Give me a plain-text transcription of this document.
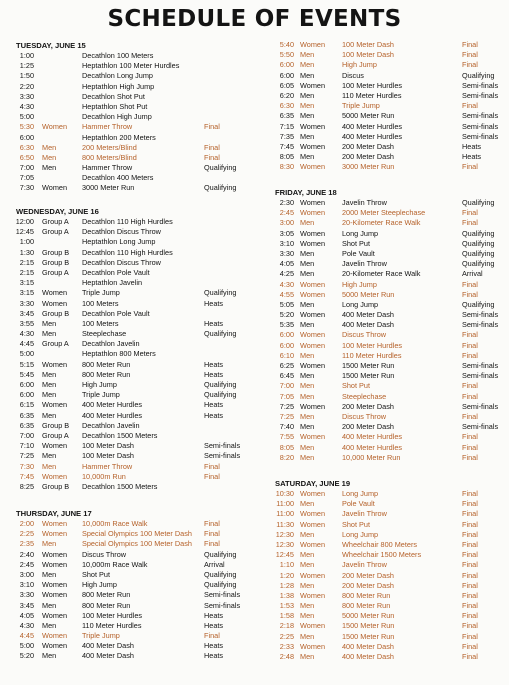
SCHEDULE OF EVENTS
TUESDAY, JUNE 15
1:00	Decathlon 100 Meters
1:25	Heptathlon 100 Meter Hurdles
1:50	Decathlon Long Jump
2:20	Heptathlon High Jump
3:30	Decathlon Shot Put
4:30	Heptathlon Shot Put
5:00	Decathlon High Jump
5:30 Women Hammer Throw	Final
6:00	Heptathlon 200 Meters
6:30 Men	200 Meters/Blind	Final
6:50 Men	800 Meters/Blind	Final
7:00 Men	Hammer Throw	Qualifying
7:05	Decathlon 400 Meters
7:30 Women 3000 Meter Run	Qualifying
WEDNESDAY, JUNE 16
12:00 Group A Decathlon 110 High Hurdles
12:45 Group A Decathlon Discus Throw
1:00	Heptathlon Long Jump
1:30 Group B Decathlon 110 High Hurdles
2:15 Group B Decathlon Discus Throw
2:15 Group A Decathlon Pole Vault
3:15	Heptathlon Javelin
3:15 Women Triple Jump	Qualifying
3:30 Women 100 Meters	Heats
3:45 Group B Decathlon Pole Vault
3:55 Men	100 Meters	Heats
4:30 Men	Steeplechase	Qualifying
4:45 Group A Decathlon Javelin
5:00	Heptathlon 800 Meters
5:15 Women 800 Meter Run	Heats
5:45 Men	800 Meter Run	Heats
6:00 Men	High Jump	Qualifying
6:00 Men	Triple Jump	Qualifying
6:15 Women 400 Meter Hurdles	Heats
6:35 Men	400 Meter Hurdles	Heats
6:35 Group B Decathlon Javelin
7:00 Group A Decathlon 1500 Meters
7:10 Women 100 Meter Dash	Semi-finals
7:25 Men	100 Meter Dash	Semi-finals
7:30 Men	Hammer Throw	Final
7:45 Women 10,000m Run	Final
8:25 Group B Decathlon 1500 Meters
THURSDAY, JUNE 17
2:00 Women 10,000m Race Walk	Final
2:25 Women Special Olympics 100 Meter Dash Final
2:35 Men	Special Olympics 100 Meter Dash Final
2:40 Women Discus Throw	Qualifying
2:45 Women 10,000m Race Walk	Arrival
3:00 Men	Shot Put	Qualifying
3:10 Women High Jump	Qualifying
3:30 Women 800 Meter Run	Semi-finals
3:45 Men	800 Meter Run	Semi-finals
4:05 Women 100 Meter Hurdles	Heats
4:30 Men	110 Meter Hurdles	Heats
4:45 Women Triple Jump	Final
5:00 Women 400 Meter Dash	Heats
5:20 Men	400 Meter Dash	Heats
5:40 Women 100 Meter Dash	Final
5:50 Men	100 Meter Dash	Final
6:00 Men	High Jump	Final
6:00 Men	Discus	Qualifying
6:05 Women 100 Meter Hurdles	Semi-finals
6:20 Men	110 Meter Hurdles	Semi-finals
6:30 Men	Triple Jump	Final
6:35 Men	5000 Meter Run	Semi-finals
7:15 Women 400 Meter Hurdles	Semi-finals
7:35 Men	400 Meter Hurdles	Semi-finals
7:45 Women 200 Meter Dash	Heats
8:05 Men	200 Meter Dash	Heats
8:30 Women 3000 Meter Run	Final
FRIDAY, JUNE 18
2:30 Women Javelin Throw	Qualifying
2:45 Women 2000 Meter Steeplechase	Final
3:00 Men	20-Kilometer Race Walk	Final
3:05 Women Long Jump	Qualifying
3:10 Women Shot Put	Qualifying
3:30 Men	Pole Vault	Qualifying
4:05 Men	Javelin Throw	Qualifying
4:25 Men	20-Kilometer Race Walk	Arrival
4:30 Women High Jump	Final
4:55 Women 5000 Meter Run	Final
5:05 Men	Long Jump	Qualifying
5:20 Women 400 Meter Dash	Semi-finals
5:35 Men	400 Meter Dash	Semi-finals
6:00 Women Discus Throw	Final
6:00 Women 100 Meter Hurdles	Final
6:10 Men	110 Meter Hurdles	Final
6:25 Women 1500 Meter Run	Semi-finals
6:45 Men	1500 Meter Run	Semi-finals
7:00 Men	Shot Put	Final
7:05 Men	Steeplechase	Final
7:25 Women 200 Meter Dash	Semi-finals
7:25 Men	Discus Throw	Final
7:40 Men	200 Meter Dash	Semi-finals
7:55 Women 400 Meter Hurdles	Final
8:05 Men	400 Meter Hurdles	Final
8:20 Men	10,000 Meter Run	Final
SATURDAY, JUNE 19
10:30 Women Long Jump	Final
11:00 Men	Pole Vault	Final
11:00 Women Javelin Throw	Final
11:30 Women Shot Put	Final
12:30 Men	Long Jump	Final
12:30 Women Wheelchair 800 Meters	Final
12:45 Men	Wheelchair 1500 Meters	Final
1:10 Men	Javelin Throw	Final
1:20 Women 200 Meter Dash	Final
1:28 Men	200 Meter Dash	Final
1:38 Women 800 Meter Run	Final
1:53 Men	800 Meter Run	Final
1:58 Men	5000 Meter Run	Final
2:18 Women 1500 Meter Run	Final
2:25 Men	1500 Meter Run	Final
2:33 Women 400 Meter Dash	Final
2:48 Men	400 Meter Dash	Final
